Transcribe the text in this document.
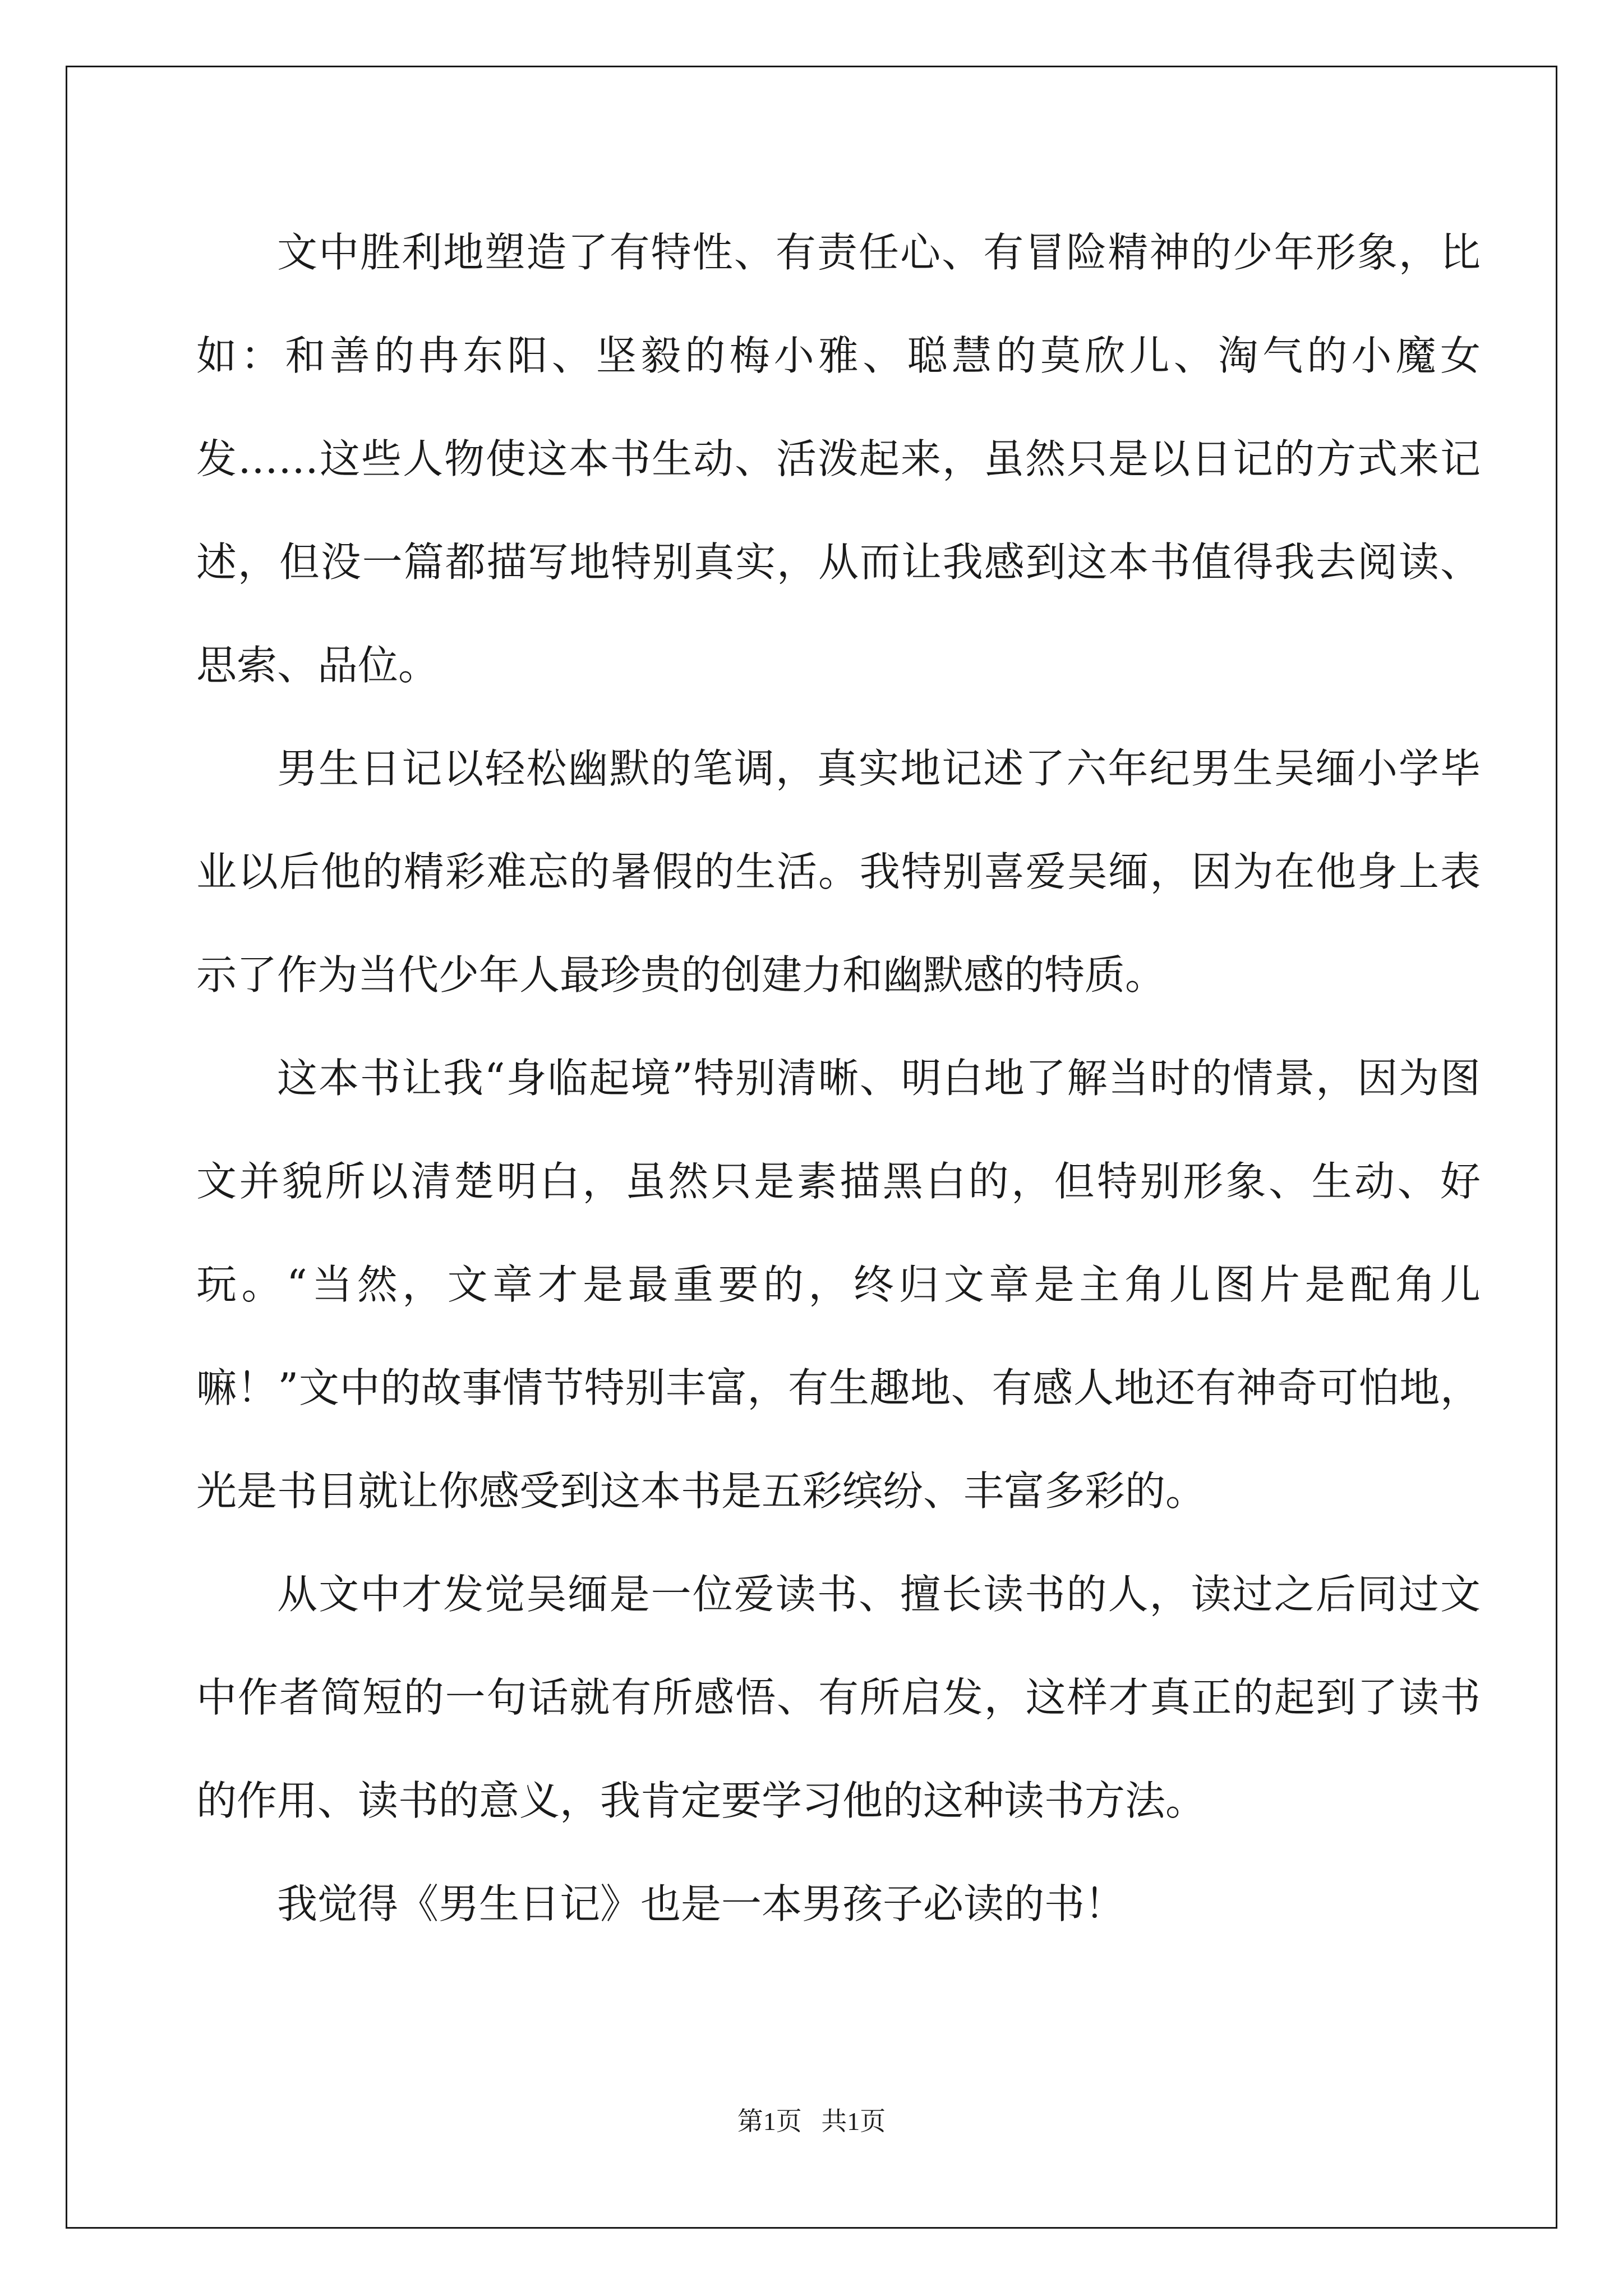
文中胜利地塑造了有特性、有责任心、有冒险精神的少年形象，比如：和善的冉东阳、坚毅的梅小雅、聪慧的莫欣儿、淘气的小魔女发……这些人物使这本书生动、活泼起来，虽然只是以日记的方式来记述，但没一篇都描写地特别真实，从而让我感到这本书值得我去阅读、思索、品位。

男生日记以轻松幽默的笔调，真实地记述了六年纪男生吴缅小学毕业以后他的精彩难忘的暑假的生活。我特别喜爱吴缅，因为在他身上表示了作为当代少年人最珍贵的创建力和幽默感的特质。

这本书让我“身临起境”特别清晰、明白地了解当时的情景，因为图文并貌所以清楚明白，虽然只是素描黑白的，但特别形象、生动、好玩。“当然，文章才是最重要的，终归文章是主角儿图片是配角儿嘛！”文中的故事情节特别丰富，有生趣地、有感人地还有神奇可怕地，光是书目就让你感受到这本书是五彩缤纷、丰富多彩的。

从文中才发觉吴缅是一位爱读书、擅长读书的人，读过之后同过文中作者简短的一句话就有所感悟、有所启发，这样才真正的起到了读书的作用、读书的意义，我肯定要学习他的这种读书方法。

我觉得《男生日记》也是一本男孩子必读的书！

第1页   共1页
